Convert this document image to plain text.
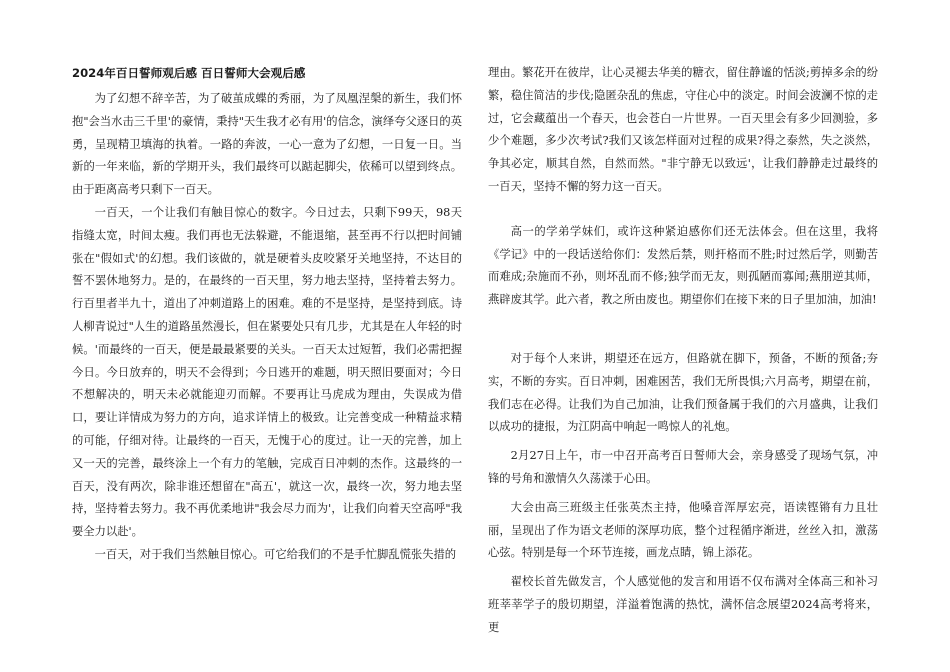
2024年百日誓师观后感 百日誓师大会观后感

为了幻想不辞辛苦，为了破茧成蝶的秀丽，为了凤凰涅槃的新生，我们怀抱"会当水击三千里'的豪情，秉持"天生我才必有用'的信念，演绎夸父逐日的英勇，呈现精卫填海的执着。一路的奔波，一心一意为了幻想，一日复一日。当新的一年来临，新的学期开头，我们最终可以踮起脚尖，依稀可以望到终点。由于距离高考只剩下一百天。

一百天，一个让我们有触目惊心的数字。今日过去，只剩下99天，98天指缝太宽，时间太瘦。我们再也无法躲避，不能退缩，甚至再不行以把时间铺张在"假如式'的幻想。我们该做的，就是硬着头皮咬紧牙关地坚持，不达目的誓不罢休地努力。是的，在最终的一百天里，努力地去坚持，坚持着去努力。行百里者半九十，道出了冲刺道路上的困难。难的不是坚持，是坚持到底。诗人柳青说过"人生的道路虽然漫长，但在紧要处只有几步，尤其是在人年轻的时候。'而最终的一百天，便是最最紧要的关头。一百天太过短暂，我们必需把握今日。今日放弃的，明天不会得到；今日逃开的难题，明天照旧要面对；今日不想解决的，明天未必就能迎刃而解。不要再让马虎成为理由，失误成为借口，要让详情成为努力的方向，追求详情上的极致。让完善变成一种精益求精的可能，仔细对待。让最终的一百天，无愧于心的度过。让一天的完善，加上又一天的完善，最终涂上一个有力的笔触，完成百日冲刺的杰作。这最终的一百天，没有两次，除非谁还想留在"高五'，就这一次，最终一次，努力地去坚持，坚持着去努力。我不再优柔地讲"我会尽力而为'，让我们向着天空高呼"我要全力以赴'。

一百天，对于我们当然触目惊心。可它给我们的不是手忙脚乱慌张失措的

理由。繁花开在彼岸，让心灵褪去华美的糖衣，留住静谧的恬淡;剪掉多余的纷繁，稳住简洁的步伐;隐匿杂乱的焦虑，守住心中的淡定。时间会波澜不惊的走过，它会藏蕴出一个春天，也会苍白一片世界。一百天里会有多少回测验，多少个难题，多少次考试?我们又该怎样面对过程的成果?得之泰然，失之淡然，争其必定，顺其自然，自然而然。"非宁静无以致远'，让我们静静走过最终的一百天，坚持不懈的努力这一百天。

高一的学弟学妹们，或许这种紧迫感你们还无法体会。但在这里，我将《学记》中的一段话送给你们：发然后禁，则扞格而不胜;时过然后学，则勤苦而难成;杂施而不孙，则坏乱而不修;独学而无友，则孤陋而寡闻;燕朋逆其师，燕辟废其学。此六者，教之所由废也。期望你们在接下来的日子里加油，加油!

对于每个人来讲，期望还在远方，但路就在脚下，预备，不断的预备;夯实，不断的夯实。百日冲刺，困难困苦，我们无所畏惧;六月高考，期望在前，我们志在必得。让我们为自己加油，让我们预备属于我们的六月盛典，让我们以成功的捷报，为江阴高中响起一鸣惊人的礼炮。

2月27日上午，市一中召开高考百日誓师大会，亲身感受了现场气氛，冲锋的号角和激情久久荡漾于心田。

大会由高三班级主任张英杰主持，他嗓音浑厚宏亮，语读铿锵有力且壮丽，呈现出了作为语文老师的深厚功底，整个过程循序渐进，丝丝入扣，激荡心弦。特别是每一个环节连接，画龙点睛，锦上添花。

翟校长首先做发言，个人感觉他的发言和用语不仅布满对全体高三和补习班莘莘学子的殷切期望，洋溢着饱满的热忱，满怀信念展望2024高考将来，更
